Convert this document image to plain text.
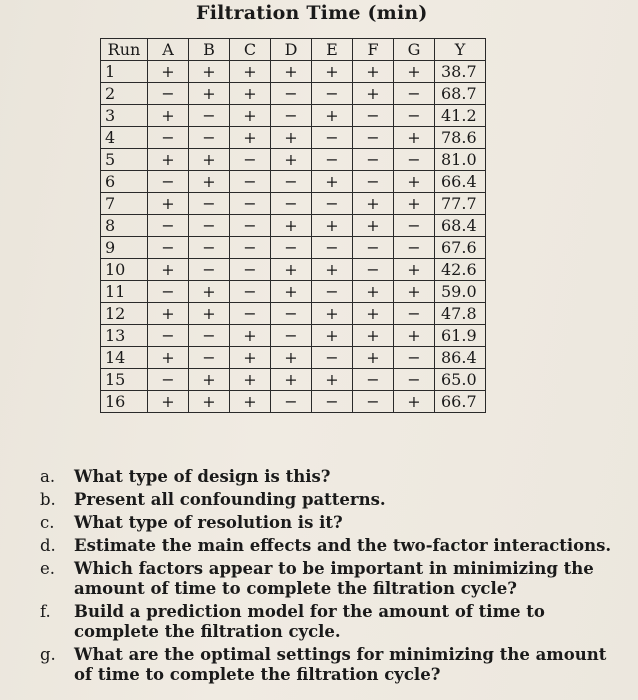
Filtration Time (min)
Run	A	B	C	D	E	F	G	Y
1	+	+	+	+	+	+	+	38.7
2	−	+	+	−	−	+	−	68.7
3	+	−	+	−	+	−	−	41.2
4	−	−	+	+	−	−	+	78.6
5	+	+	−	+	−	−	−	81.0
6	−	+	−	−	+	−	+	66.4
7	+	−	−	−	−	+	+	77.7
8	−	−	−	+	+	+	−	68.4
9	−	−	−	−	−	−	−	67.6
10	+	−	−	+	+	−	+	42.6
11	−	+	−	+	−	+	+	59.0
12	+	+	−	−	+	+	−	47.8
13	−	−	+	−	+	+	+	61.9
14	+	−	+	+	−	+	−	86.4
15	−	+	+	+	+	−	−	65.0
16	+	+	+	−	−	−	+	66.7
a.	What type of design is this?
b.	Present all confounding patterns.
c.	What type of resolution is it?
d.	Estimate the main effects and the two-factor interactions.
e.	Which factors appear to be important in minimizing the amount of time to complete the filtration cycle?
f.	Build a prediction model for the amount of time to complete the filtration cycle.
g.	What are the optimal settings for minimizing the amount of time to complete the filtration cycle?
